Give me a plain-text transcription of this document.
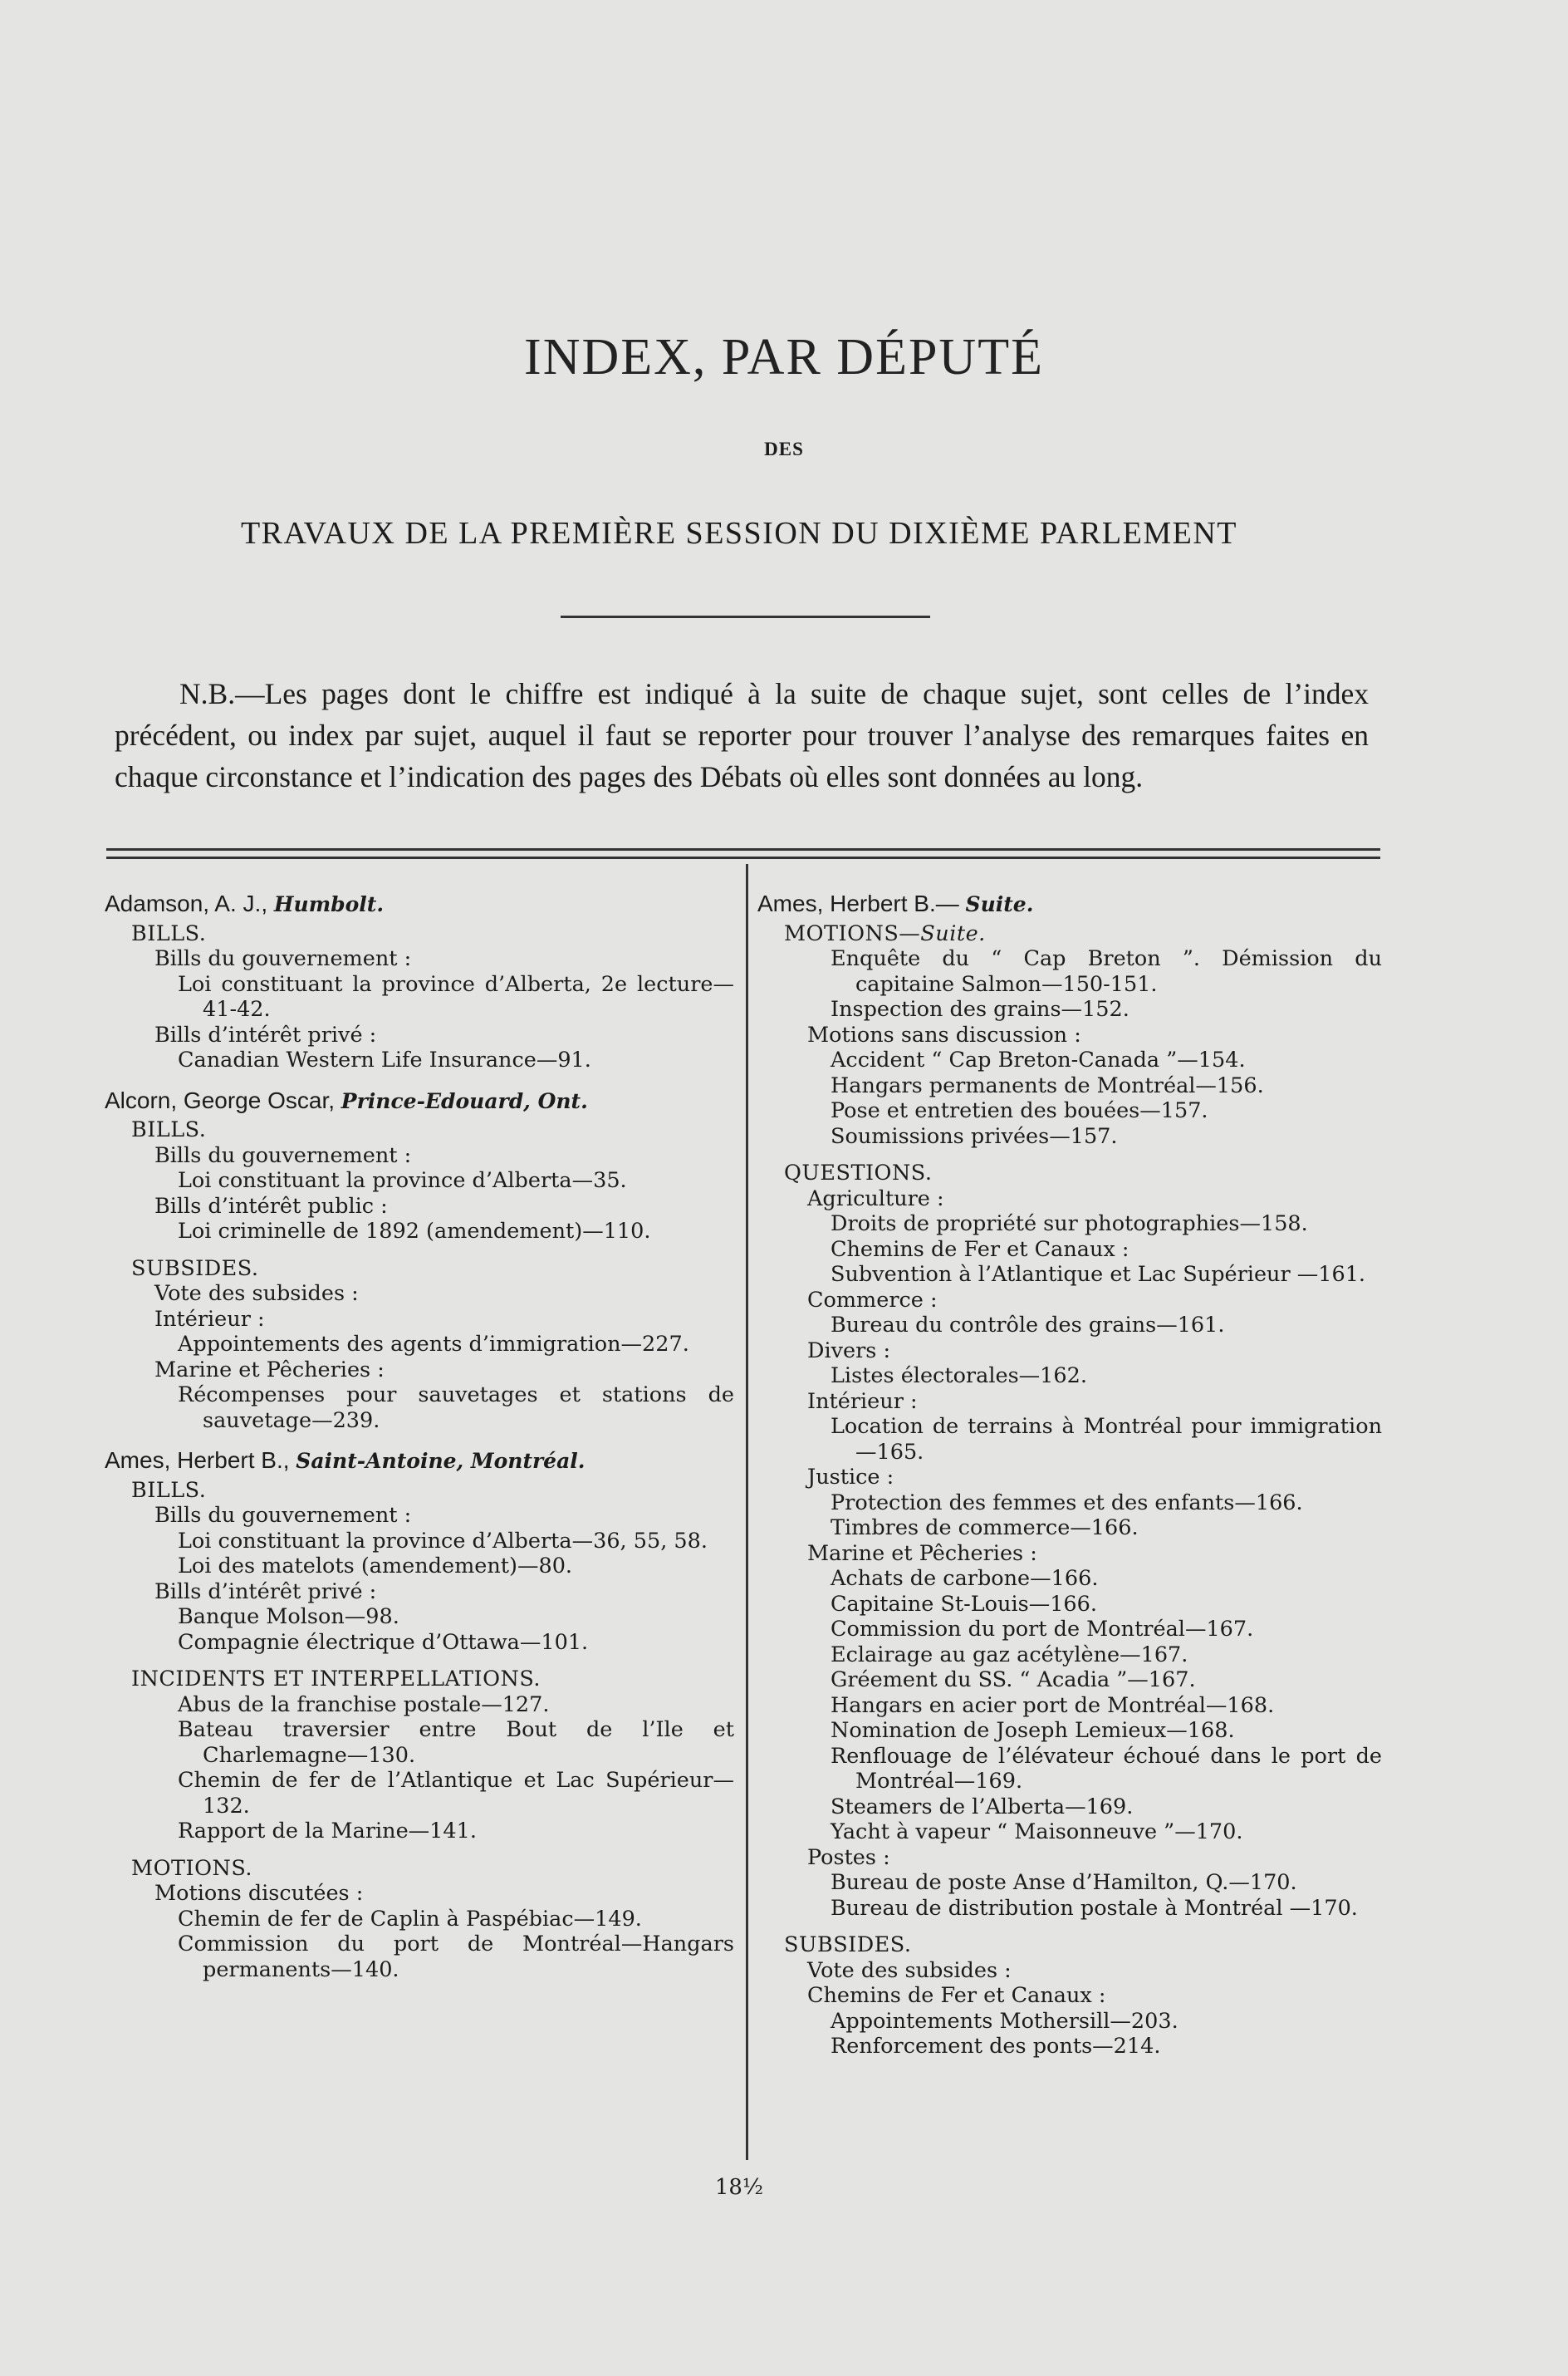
INDEX, PAR DÉPUTÉ
DES
TRAVAUX DE LA PREMIÈRE SESSION DU DIXIÈME PARLEMENT

N.B.—Les pages dont le chiffre est indiqué à la suite de chaque sujet, sont celles de l’index précédent, ou index par sujet, auquel il faut se reporter pour trouver l’analyse des remarques faites en chaque circonstance et l’indication des pages des Débats où elles sont données au long.

Adamson, A. J., Humbolt.
BILLS.
Bills du gouvernement :
Loi constituant la province d’Alberta, 2e lecture—41-42.
Bills d’intérêt privé :
Canadian Western Life Insurance—91.
Alcorn, George Oscar, Prince-Edouard, Ont.
BILLS.
Bills du gouvernement :
Loi constituant la province d’Alberta—35.
Bills d’intérêt public :
Loi criminelle de 1892 (amendement)—110.
SUBSIDES.
Vote des subsides :
Intérieur :
Appointements des agents d’immigration—227.
Marine et Pêcheries :
Récompenses pour sauvetages et stations de sauvetage—239.
Ames, Herbert B., Saint-Antoine, Montréal.
BILLS.
Bills du gouvernement :
Loi constituant la province d’Alberta—36, 55, 58.
Loi des matelots (amendement)—80.
Bills d’intérêt privé :
Banque Molson—98.
Compagnie électrique d’Ottawa—101.
INCIDENTS ET INTERPELLATIONS.
Abus de la franchise postale—127.
Bateau traversier entre Bout de l’Ile et Charlemagne—130.
Chemin de fer de l’Atlantique et Lac Supérieur—132.
Rapport de la Marine—141.
MOTIONS.
Motions discutées :
Chemin de fer de Caplin à Paspébiac—149.
Commission du port de Montréal—Hangars permanents—140.
Ames, Herbert B.— Suite.
MOTIONS—Suite.
Enquête du “ Cap Breton ”. Démission du capitaine Salmon—150-151.
Inspection des grains—152.
Motions sans discussion :
Accident “ Cap Breton-Canada ”—154.
Hangars permanents de Montréal—156.
Pose et entretien des bouées—157.
Soumissions privées—157.
QUESTIONS.
Agriculture :
Droits de propriété sur photographies—158.
Chemins de Fer et Canaux :
Subvention à l’Atlantique et Lac Supérieur —161.
Commerce :
Bureau du contrôle des grains—161.
Divers :
Listes électorales—162.
Intérieur :
Location de terrains à Montréal pour immigration—165.
Justice :
Protection des femmes et des enfants—166.
Timbres de commerce—166.
Marine et Pêcheries :
Achats de carbone—166.
Capitaine St-Louis—166.
Commission du port de Montréal—167.
Eclairage au gaz acétylène—167.
Gréement du SS. “ Acadia ”—167.
Hangars en acier port de Montréal—168.
Nomination de Joseph Lemieux—168.
Renflouage de l’élévateur échoué dans le port de Montréal—169.
Steamers de l’Alberta—169.
Yacht à vapeur “ Maisonneuve ”—170.
Postes :
Bureau de poste Anse d’Hamilton, Q.—170.
Bureau de distribution postale à Montréal —170.
SUBSIDES.
Vote des subsides :
Chemins de Fer et Canaux :
Appointements Mothersill—203.
Renforcement des ponts—214.
18½
